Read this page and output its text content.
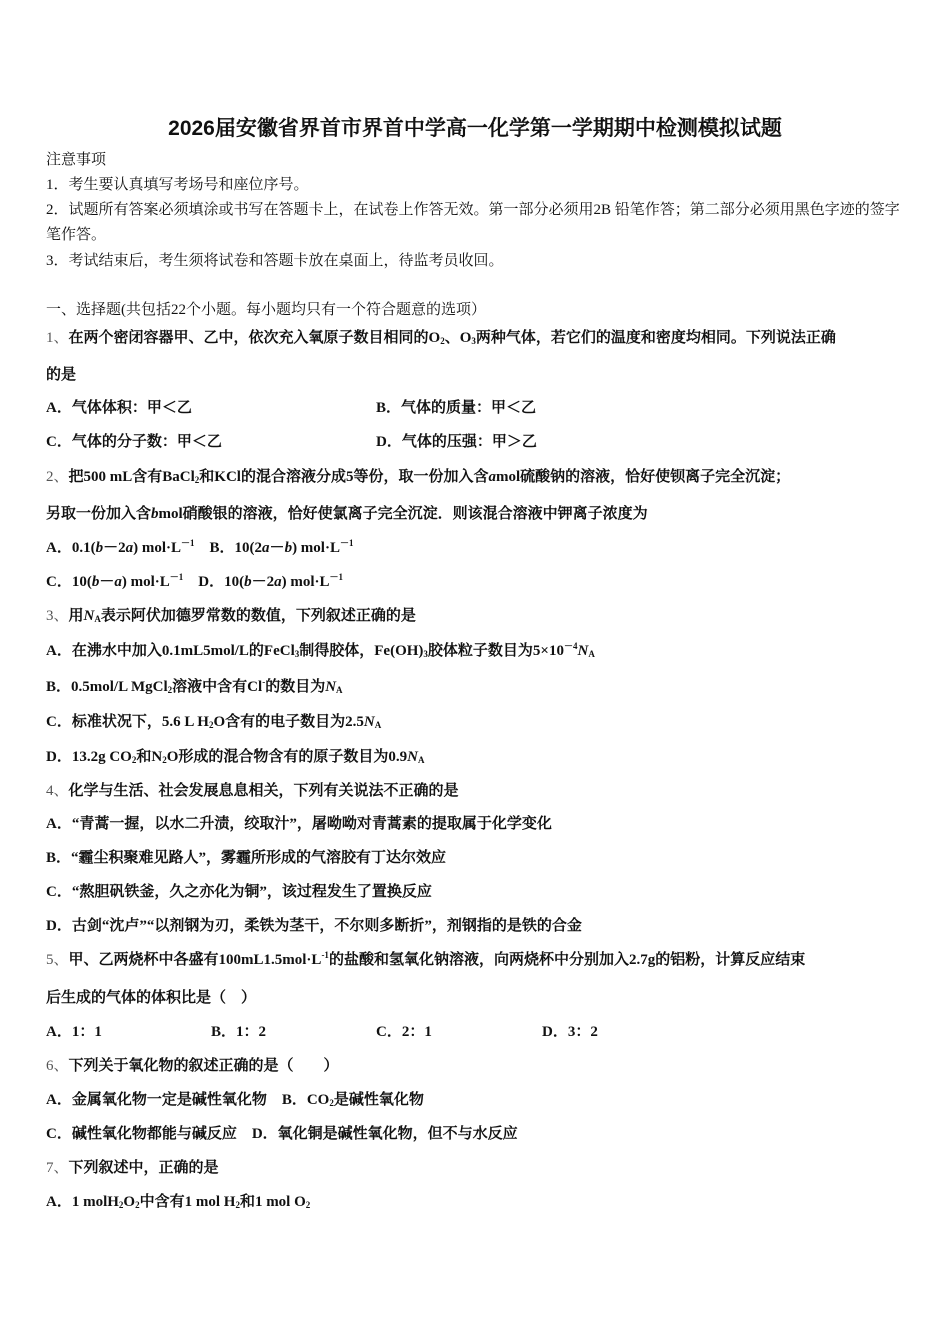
2026届安徽省界首市界首中学高一化学第一学期期中检测模拟试题
注意事项
1．考生要认真填写考场号和座位序号。
2．试题所有答案必须填涂或书写在答题卡上，在试卷上作答无效。第一部分必须用2B 铅笔作答；第二部分必须用黑色字迹的签字笔作答。
3．考试结束后，考生须将试卷和答题卡放在桌面上，待监考员收回。
一、选择题(共包括22个小题。每小题均只有一个符合题意的选项）
1、在两个密闭容器甲、乙中，依次充入氧原子数目相同的$O_2$、$O_3$两种气体，若它们的温度和密度均相同。下列说法正确
的是
A．气体体积：甲＜乙	B．气体的质量：甲＜乙
C．气体的分子数：甲＜乙	D．气体的压强：甲＞乙
2、把500 mL含有BaCl$_2$和KCl的混合溶液分成5等份，取一份加入含amol硫酸钠的溶液，恰好使钡离子完全沉淀；
另取一份加入含bmol硝酸银的溶液，恰好使氯离子完全沉淀．则该混合溶液中钾离子浓度为
A．0.1(b－2a) $mol\cdot L^{-1}$　B．10(2a－b) $mol\cdot L^{-1}$
C．10(b－a) $mol\cdot L^{-1}$　D．10(b－2a) $mol\cdot L^{-1}$
3、用$N_A$表示阿伏加德罗常数的数值，下列叙述正确的是
A．在沸水中加入0.1mL5mol/L的FeCl$_3$制得胶体，$Fe(OH)_3$胶体粒子数目为$5\times 10^{-4}N_A$
B．0.5mol/L MgCl$_2$溶液中含有Cl-的数目为$N_A$
C．标准状况下，5.6 L $H_2O$含有的电子数目为$2.5N_A$
D．13.2g $CO_2$和$N_2O$形成的混合物含有的原子数目为$0.9N_A$
4、化学与生活、社会发展息息相关，下列有关说法不正确的是
A．“青蒿一握，以水二升渍，绞取汁”，屠呦呦对青蒿素的提取属于化学变化
B．“霾尘积聚难见路人”，雾霾所形成的气溶胶有丁达尔效应
C．“熬胆矾铁釜，久之亦化为铜”，该过程发生了置换反应
D．古剑“沈卢”“以剂钢为刃，柔铁为茎干，不尔则多断折”，剂钢指的是铁的合金
5、甲、乙两烧杯中各盛有$100mL1.5mol\cdot L^{-1}$的盐酸和氢氧化钠溶液，向两烧杯中分别加入2.7g的铝粉，计算反应结束
后生成的气体的体积比是（　）
A．1：1	B．1：2	C．2：1	D．3：2
6、下列关于氧化物的叙述正确的是（　　）
A．金属氧化物一定是碱性氧化物　B．$CO_2$是碱性氧化物
C．碱性氧化物都能与碱反应　D．氧化铜是碱性氧化物，但不与水反应
7、下列叙述中，正确的是
A．1 $molH_2O_2$中含有1 mol $H_2$和1 mol $O_2$
